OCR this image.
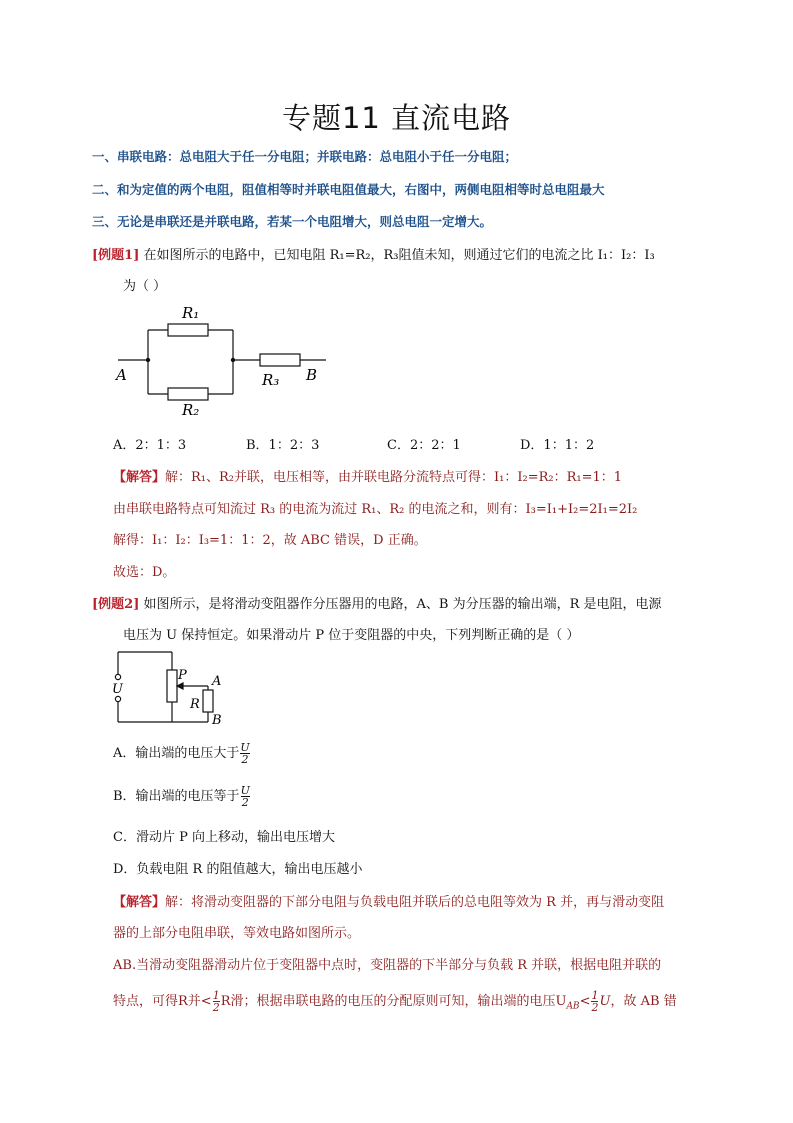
专题11 直流电路
一、串联电路：总电阻大于任一分电阻；并联电路：总电阻小于任一分电阻；
二、和为定值的两个电阻，阻值相等时并联电阻值最大，右图中，两侧电阻相等时总电阻最大
三、无论是串联还是并联电路，若某一个电阻增大，则总电阻一定增大。
[例题1] 在如图所示的电路中，已知电阻 R₁=R₂，R₃阻值未知，则通过它们的电流之比 I₁：I₂：I₃
为（ ）
R₁
R₂
R₃
A	B
A．2：1：3	B．1：2：3	C．2：2：1	D．1：1：2
【解答】解：R₁、R₂并联，电压相等，由并联电路分流特点可得：I₁：I₂=R₂：R₁=1：1
由串联电路特点可知流过 R₃ 的电流为流过 R₁、R₂ 的电流之和，则有：I₃=I₁+I₂=2I₁=2I₂
解得：I₁：I₂：I₃=1：1：2，故 ABC 错误，D 正确。
故选：D。
[例题2] 如图所示，是将滑动变阻器作分压器用的电路，A、B 为分压器的输出端，R 是电阻，电源
电压为 U 保持恒定。如果滑动片 P 位于变阻器的中央，下列判断正确的是（ ）
U
P
R
A
B
A．输出端的电压大于 $\frac{U}{2}$
B．输出端的电压等于 $\frac{U}{2}$
C．滑动片 P 向上移动，输出电压增大
D．负载电阻 R 的阻值越大，输出电压越小
【解答】解：将滑动变阻器的下部分电阻与负载电阻并联后的总电阻等效为 R 并，再与滑动变阻
器的上部分电阻串联，等效电路如图所示。
AB.当滑动变阻器滑动片位于变阻器中点时，变阻器的下半部分与负载 R 并联，根据电阻并联的
特点，可得R并< $\frac{1}{2}$ R滑；根据串联电路的电压的分配原则可知，输出端的电压$U_{AB}< \frac{1}{2}$ U，故 AB 错
